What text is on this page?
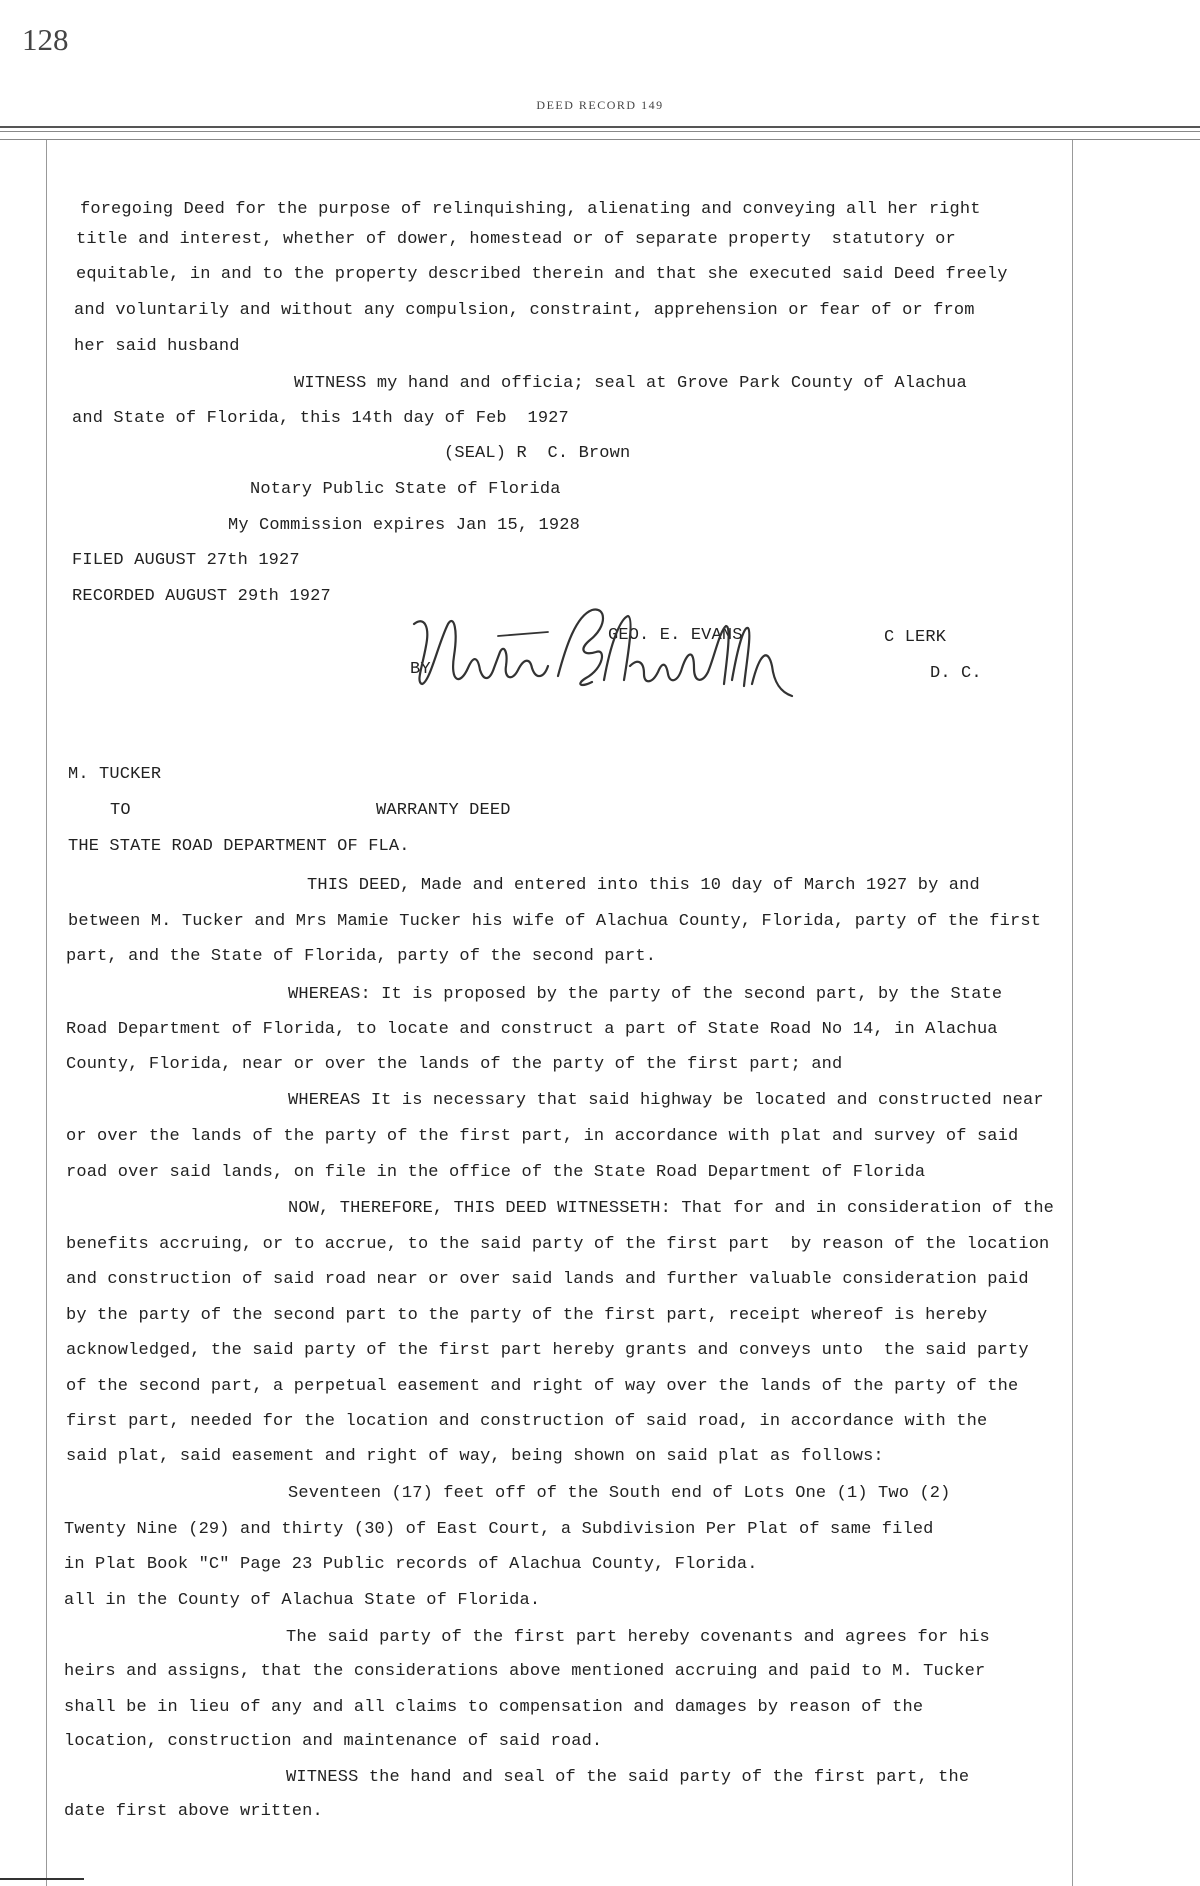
128
DEED RECORD 149
foregoing Deed for the purpose of relinquishing, alienating and conveying all her right
title and interest, whether of dower, homestead or of separate property  statutory or
equitable, in and to the property described therein and that she executed said Deed freely
and voluntarily and without any compulsion, constraint, apprehension or fear of or from
her said husband
WITNESS my hand and officia; seal at Grove Park County of Alachua
and State of Florida, this 14th day of Feb  1927
(SEAL) R  C. Brown
Notary Public State of Florida
My Commission expires Jan 15, 1928
FILED AUGUST 27th 1927
RECORDED AUGUST 29th 1927
GEO. E. EVANS	C LERK
BY	D. C.
M. TUCKER
TO	WARRANTY DEED
THE STATE ROAD DEPARTMENT OF FLA.
THIS DEED, Made and entered into this 10 day of March 1927 by and
between M. Tucker and Mrs Mamie Tucker his wife of Alachua County, Florida, party of the first
part, and the State of Florida, party of the second part.
WHEREAS: It is proposed by the party of the second part, by the State
Road Department of Florida, to locate and construct a part of State Road No 14, in Alachua
County, Florida, near or over the lands of the party of the first part; and
WHEREAS It is necessary that said highway be located and constructed near
or over the lands of the party of the first part, in accordance with plat and survey of said
road over said lands, on file in the office of the State Road Department of Florida
NOW, THEREFORE, THIS DEED WITNESSETH: That for and in consideration of the
benefits accruing, or to accrue, to the said party of the first part  by reason of the location
and construction of said road near or over said lands and further valuable consideration paid
by the party of the second part to the party of the first part, receipt whereof is hereby
acknowledged, the said party of the first part hereby grants and conveys unto  the said party
of the second part, a perpetual easement and right of way over the lands of the party of the
first part, needed for the location and construction of said road, in accordance with the
said plat, said easement and right of way, being shown on said plat as follows:
Seventeen (17) feet off of the South end of Lots One (1) Two (2)
Twenty Nine (29) and thirty (30) of East Court, a Subdivision Per Plat of same filed
in Plat Book "C" Page 23 Public records of Alachua County, Florida.
all in the County of Alachua State of Florida.
The said party of the first part hereby covenants and agrees for his
heirs and assigns, that the considerations above mentioned accruing and paid to M. Tucker
shall be in lieu of any and all claims to compensation and damages by reason of the
location, construction and maintenance of said road.
WITNESS the hand and seal of the said party of the first part, the
date first above written.
